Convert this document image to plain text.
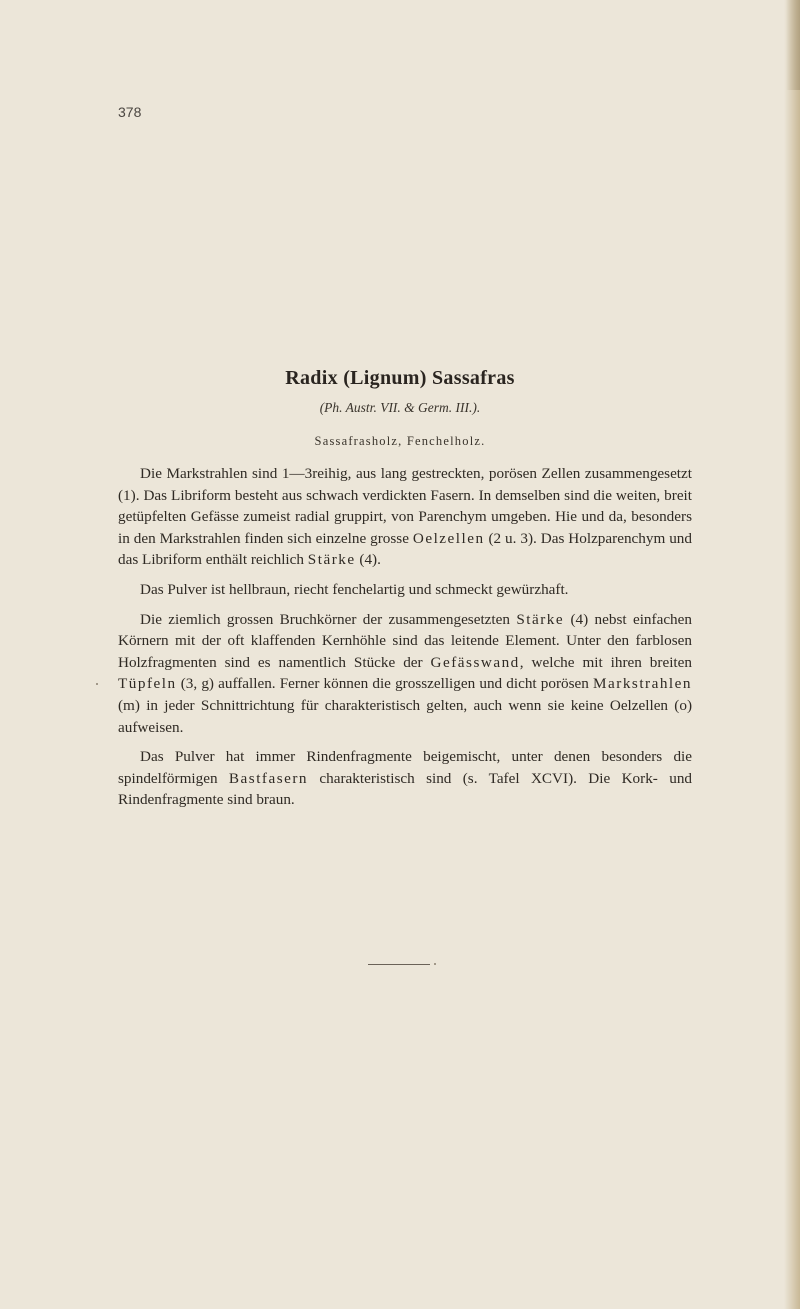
378
Radix (Lignum) Sassafras
(Ph. Austr. VII. & Germ. III.).
Sassafrasholz, Fenchelholz.

Die Markstrahlen sind 1—3reihig, aus lang gestreckten, porösen Zellen zusammengesetzt (1). Das Libriform besteht aus schwach verdickten Fasern. In demselben sind die weiten, breit getüpfelten Gefässe zumeist radial gruppirt, von Parenchym umgeben. Hie und da, besonders in den Markstrahlen finden sich einzelne grosse Oelzellen (2 u. 3). Das Holzparenchym und das Libriform enthält reichlich Stärke (4).

Das Pulver ist hellbraun, riecht fenchelartig und schmeckt gewürzhaft.

Die ziemlich grossen Bruchkörner der zusammengesetzten Stärke (4) nebst einfachen Körnern mit der oft klaffenden Kernhöhle sind das leitende Element. Unter den farblosen Holzfragmenten sind es namentlich Stücke der Gefässwand, welche mit ihren breiten Tüpfeln (3, g) auffallen. Ferner können die grosszelligen und dicht porösen Markstrahlen (m) in jeder Schnittrichtung für charakteristisch gelten, auch wenn sie keine Oelzellen (o) aufweisen.

Das Pulver hat immer Rindenfragmente beigemischt, unter denen besonders die spindelförmigen Bastfasern charakteristisch sind (s. Tafel XCVI). Die Kork- und Rindenfragmente sind braun.
